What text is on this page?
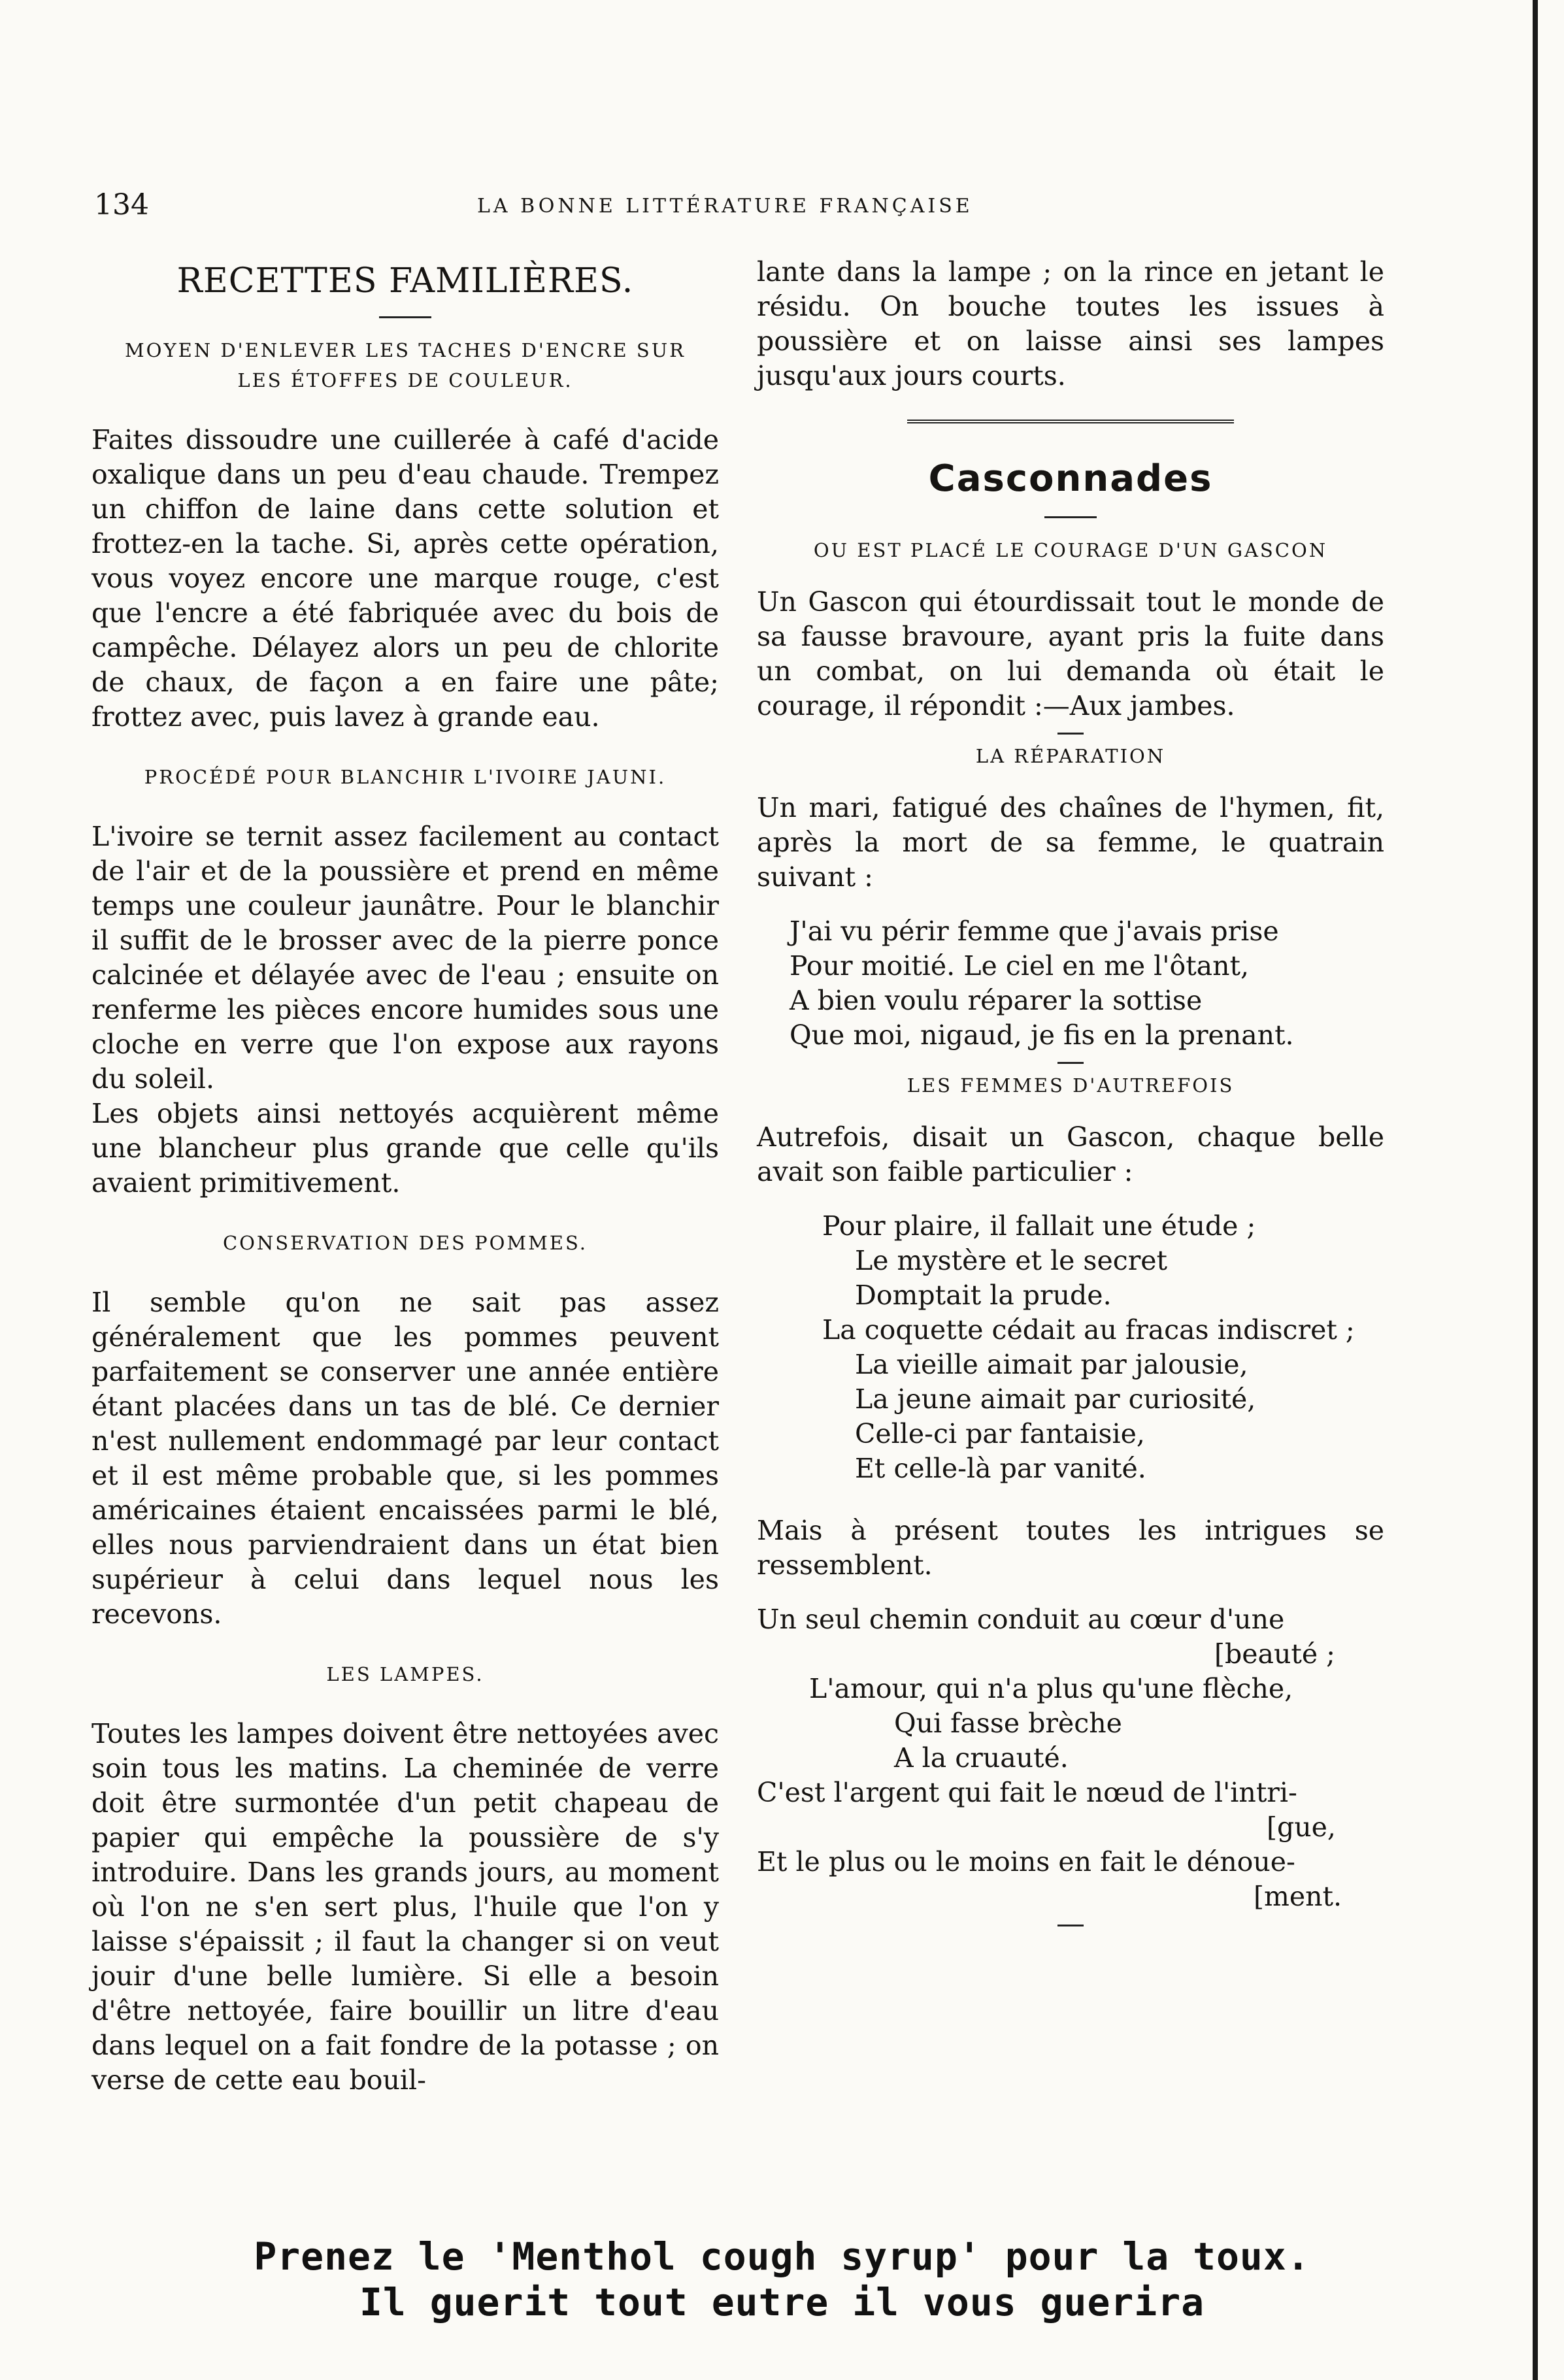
134	LA BONNE LITTÉRATURE FRANÇAISE

RECETTES FAMILIÈRES.

MOYEN D'ENLEVER LES TACHES D'ENCRE SUR

LES ÉTOFFES DE COULEUR.

Faites dissoudre une cuillerée à café d'acide oxalique dans un peu d'eau chaude. Trempez un chiffon de laine dans cette solution et frottez-en la tache. Si, après cette opération, vous voyez encore une marque rouge, c'est que l'encre a été fabriquée avec du bois de campêche. Délayez alors un peu de chlorite de chaux, de façon a en faire une pâte; frottez avec, puis lavez à grande eau.

PROCÉDÉ POUR BLANCHIR L'IVOIRE JAUNI.

L'ivoire se ternit assez facilement au contact de l'air et de la poussière et prend en même temps une couleur jaunâtre. Pour le blanchir il suffit de le brosser avec de la pierre ponce calcinée et délayée avec de l'eau ; ensuite on renferme les pièces encore humides sous une cloche en verre que l'on expose aux rayons du soleil.

Les objets ainsi nettoyés acquièrent même une blancheur plus grande que celle qu'ils avaient primitivement.

CONSERVATION DES POMMES.

Il semble qu'on ne sait pas assez généralement que les pommes peuvent parfaitement se conserver une année entière étant placées dans un tas de blé. Ce dernier n'est nullement endommagé par leur contact et il est même probable que, si les pommes américaines étaient encaissées parmi le blé, elles nous parviendraient dans un état bien supérieur à celui dans lequel nous les recevons.

LES LAMPES.

Toutes les lampes doivent être nettoyées avec soin tous les matins. La cheminée de verre doit être surmontée d'un petit chapeau de papier qui empêche la poussière de s'y introduire. Dans les grands jours, au moment où l'on ne s'en sert plus, l'huile que l'on y laisse s'épaissit ; il faut la changer si on veut jouir d'une belle lumière. Si elle a besoin d'être nettoyée, faire bouillir un litre d'eau dans lequel on a fait fondre de la potasse ; on verse de cette eau bouil-

lante dans la lampe ; on la rince en jetant le résidu. On bouche toutes les issues à poussière et on laisse ainsi ses lampes jusqu'aux jours courts.

Casconnades

OU EST PLACÉ LE COURAGE D'UN GASCON

Un Gascon qui étourdissait tout le monde de sa fausse bravoure, ayant pris la fuite dans un combat, on lui demanda où était le courage, il répondit :—Aux jambes.

LA RÉPARATION

Un mari, fatigué des chaînes de l'hymen, fit, après la mort de sa femme, le quatrain suivant :

J'ai vu périr femme que j'avais prise
Pour moitié. Le ciel en me l'ôtant,
A bien voulu réparer la sottise
Que moi, nigaud, je fis en la prenant.

LES FEMMES D'AUTREFOIS

Autrefois, disait un Gascon, chaque belle avait son faible particulier :

Pour plaire, il fallait une étude ;
Le mystère et le secret
Domptait la prude.
La coquette cédait au fracas indiscret ;
La vieille aimait par jalousie,
La jeune aimait par curiosité,
Celle-ci par fantaisie,
Et celle-là par vanité.

Mais à présent toutes les intrigues se ressemblent.

Un seul chemin conduit au cœur d'une
[beauté ;
L'amour, qui n'a plus qu'une flèche,
Qui fasse brèche
A la cruauté.
C'est l'argent qui fait le nœud de l'intri-
[gue,
Et le plus ou le moins en fait le dénoue-
[ment.
Prenez le 'Menthol cough syrup' pour la toux.
Il guerit tout eutre il vous guerira
